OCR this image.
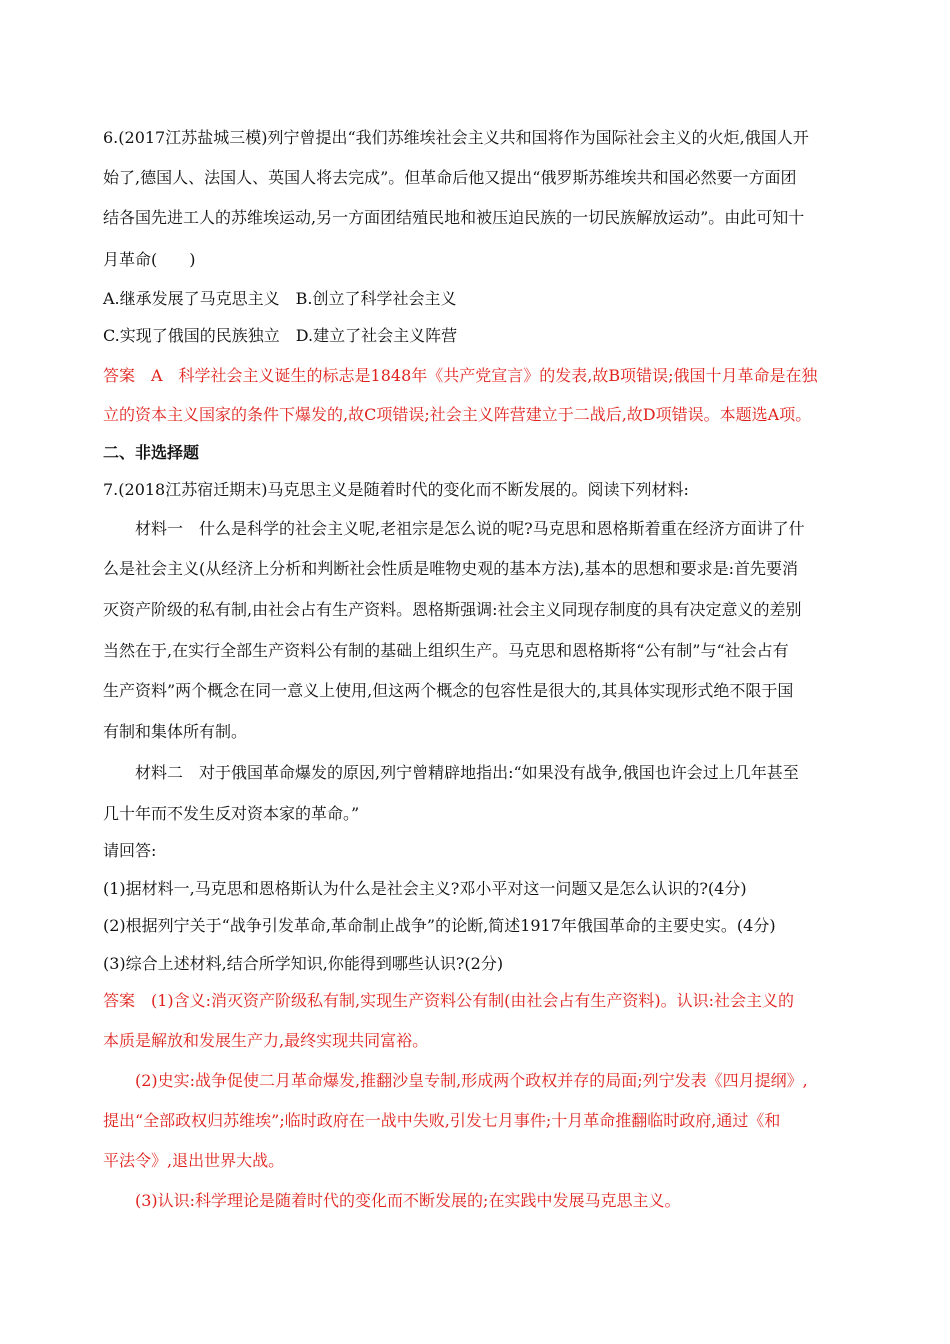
6.(2017江苏盐城三模)列宁曾提出“我们苏维埃社会主义共和国将作为国际社会主义的火炬,俄国人开
始了,德国人、法国人、英国人将去完成”。但革命后他又提出“俄罗斯苏维埃共和国必然要一方面团
结各国先进工人的苏维埃运动,另一方面团结殖民地和被压迫民族的一切民族解放运动”。由此可知十
月革命(　　)
A.继承发展了马克思主义　B.创立了科学社会主义
C.实现了俄国的民族独立　D.建立了社会主义阵营
答案　A　科学社会主义诞生的标志是1848年《共产党宣言》的发表,故B项错误;俄国十月革命是在独
立的资本主义国家的条件下爆发的,故C项错误;社会主义阵营建立于二战后,故D项错误。本题选A项。
二、非选择题
7.(2018江苏宿迁期末)马克思主义是随着时代的变化而不断发展的。阅读下列材料:
材料一　什么是科学的社会主义呢,老祖宗是怎么说的呢?马克思和恩格斯着重在经济方面讲了什
么是社会主义(从经济上分析和判断社会性质是唯物史观的基本方法),基本的思想和要求是:首先要消
灭资产阶级的私有制,由社会占有生产资料。恩格斯强调:社会主义同现存制度的具有决定意义的差别
当然在于,在实行全部生产资料公有制的基础上组织生产。马克思和恩格斯将“公有制”与“社会占有
生产资料”两个概念在同一意义上使用,但这两个概念的包容性是很大的,其具体实现形式绝不限于国
有制和集体所有制。
材料二　对于俄国革命爆发的原因,列宁曾精辟地指出:“如果没有战争,俄国也许会过上几年甚至
几十年而不发生反对资本家的革命。”
请回答:
(1)据材料一,马克思和恩格斯认为什么是社会主义?邓小平对这一问题又是怎么认识的?(4分)
(2)根据列宁关于“战争引发革命,革命制止战争”的论断,简述1917年俄国革命的主要史实。(4分)
(3)综合上述材料,结合所学知识,你能得到哪些认识?(2分)
答案　(1)含义:消灭资产阶级私有制,实现生产资料公有制(由社会占有生产资料)。认识:社会主义的
本质是解放和发展生产力,最终实现共同富裕。
(2)史实:战争促使二月革命爆发,推翻沙皇专制,形成两个政权并存的局面;列宁发表《四月提纲》,
提出“全部政权归苏维埃”;临时政府在一战中失败,引发七月事件;十月革命推翻临时政府,通过《和
平法令》,退出世界大战。
(3)认识:科学理论是随着时代的变化而不断发展的;在实践中发展马克思主义。
